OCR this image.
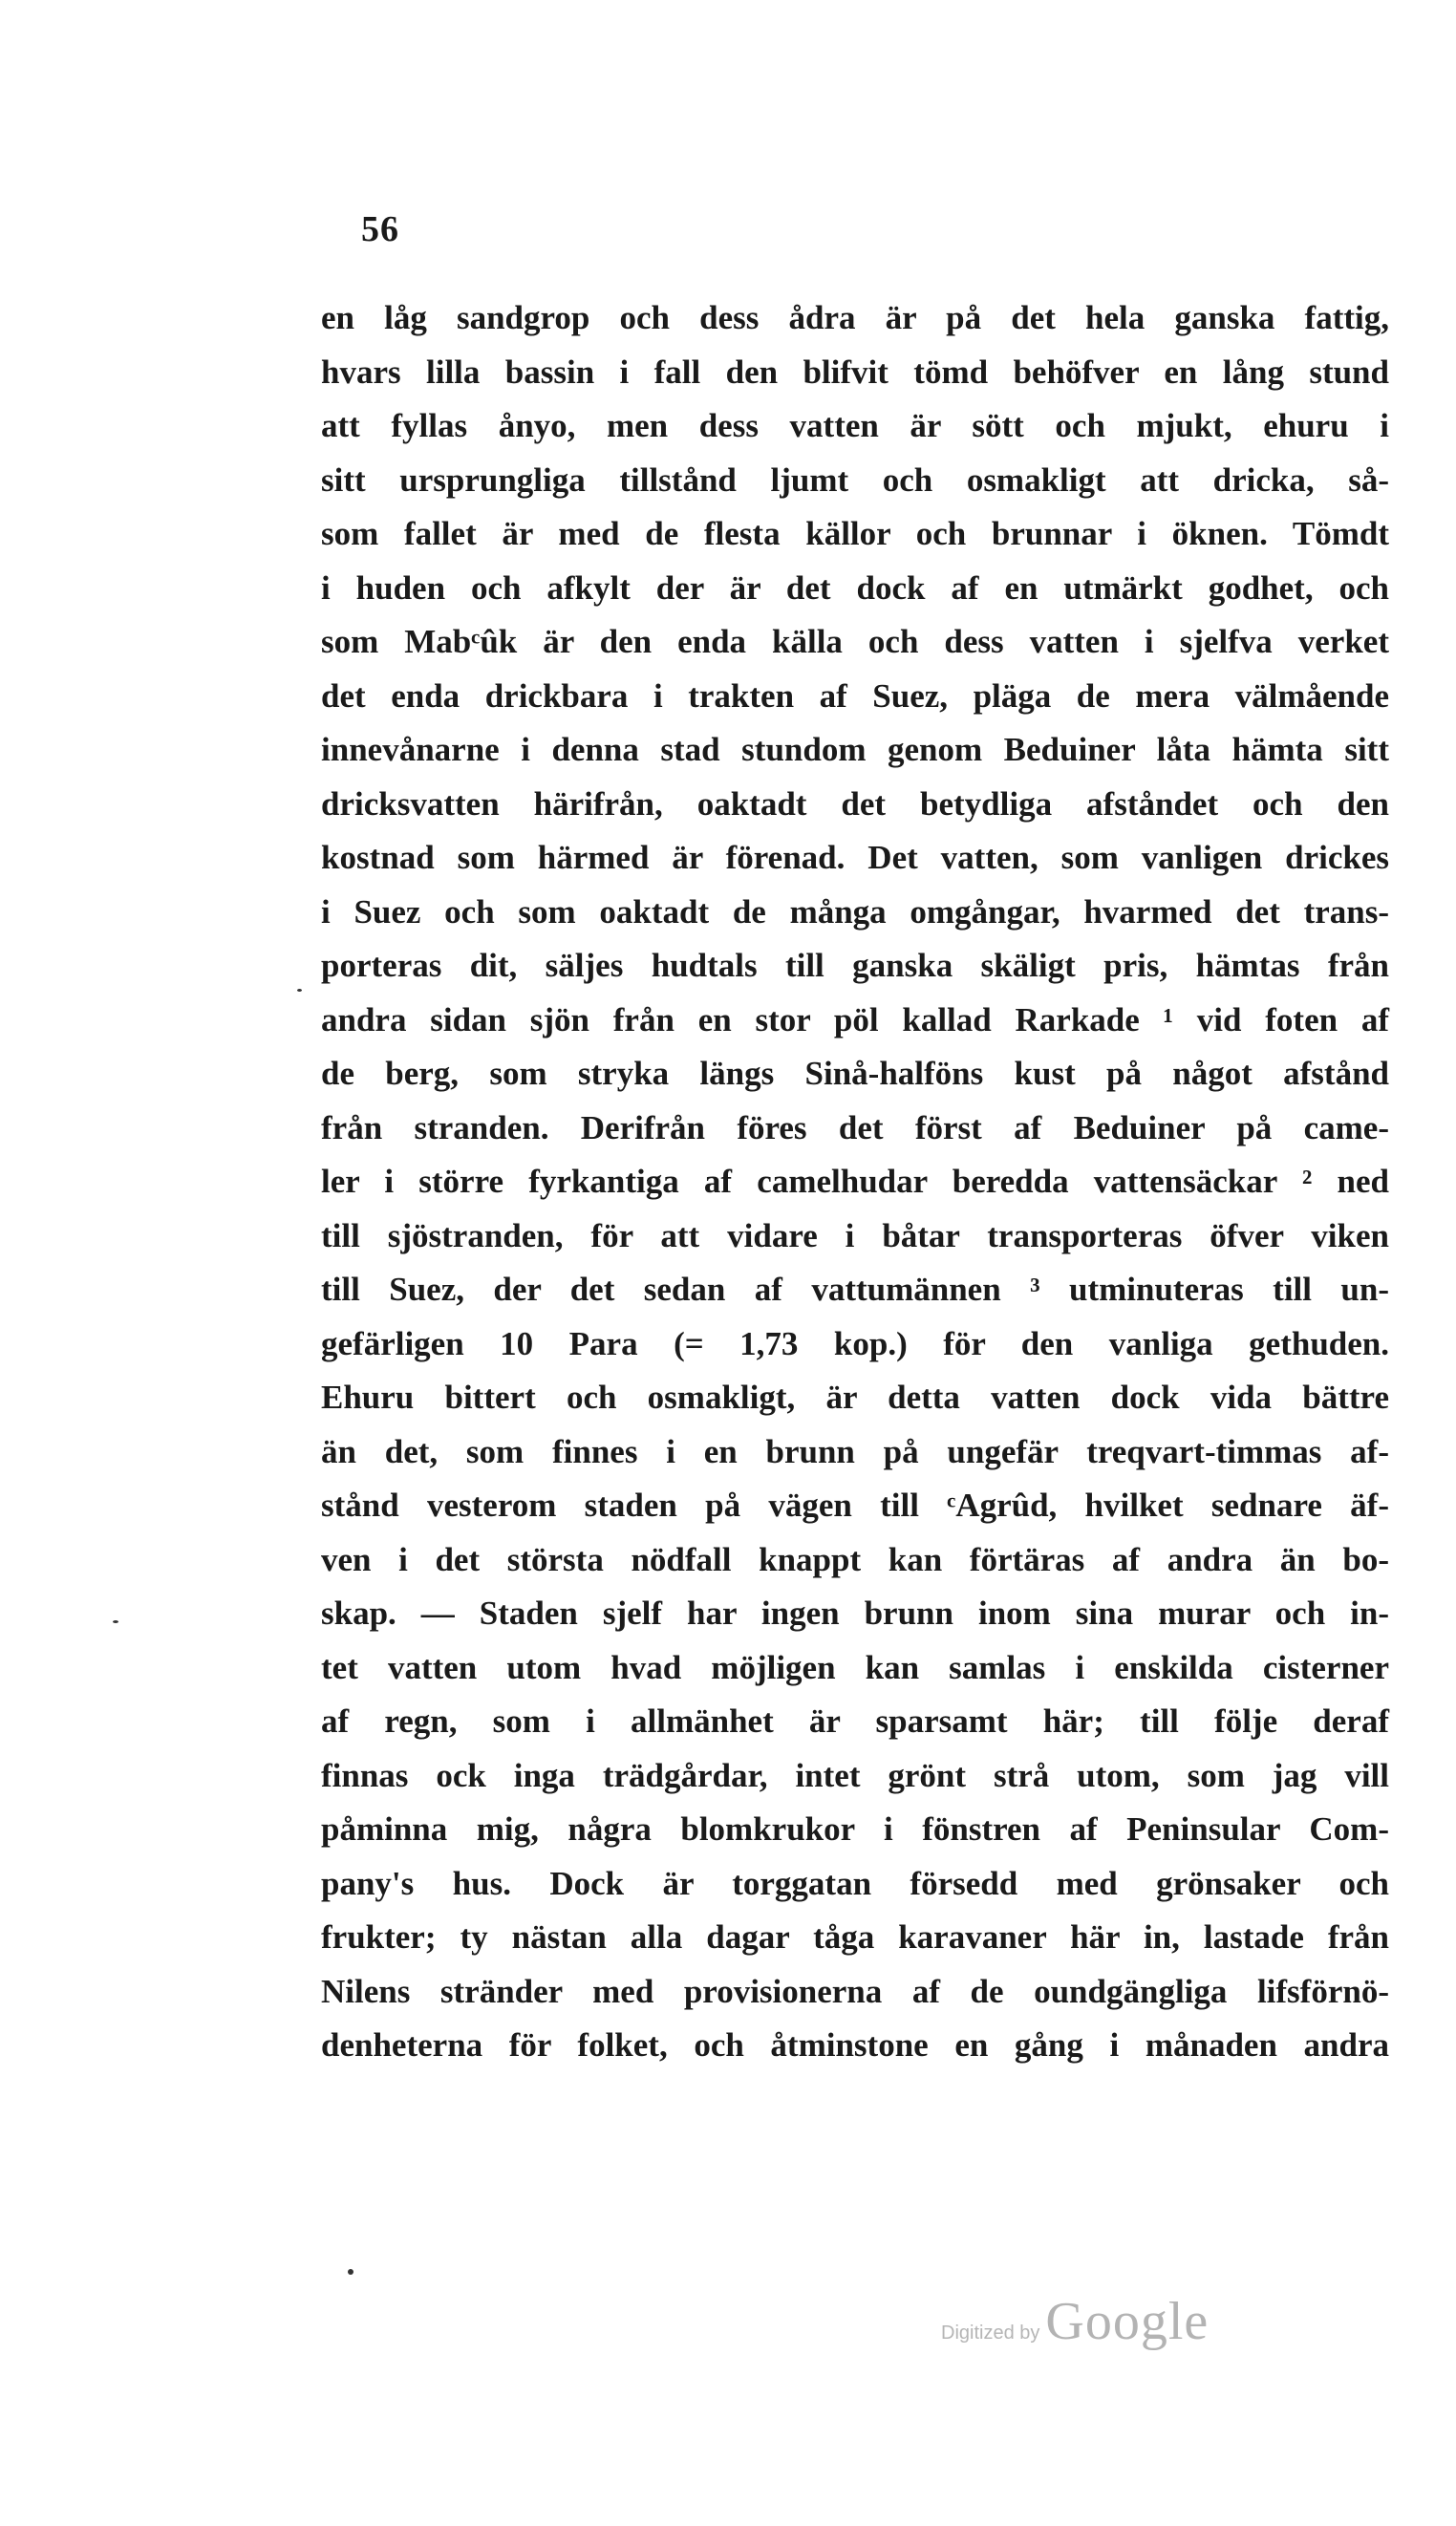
56
en låg sandgrop och dess ådra är på det hela ganska fattig,
hvars lilla bassin i fall den blifvit tömd behöfver en lång stund
att fyllas ånyo, men dess vatten är sött och mjukt, ehuru i
sitt ursprungliga tillstånd ljumt och osmakligt att dricka, så-
som fallet är med de flesta källor och brunnar i öknen. Tömdt
i huden och afkylt der är det dock af en utmärkt godhet, och
som Mabᶜûk är den enda källa och dess vatten i sjelfva verket
det enda drickbara i trakten af Suez, pläga de mera välmående
innevånarne i denna stad stundom genom Beduiner låta hämta sitt
dricksvatten härifrån, oaktadt det betydliga afståndet och den
kostnad som härmed är förenad. Det vatten, som vanligen drickes
i Suez och som oaktadt de många omgångar, hvarmed det trans-
porteras dit, säljes hudtals till ganska skäligt pris, hämtas från
andra sidan sjön från en stor pöl kallad Rarkade ¹ vid foten af
de berg, som stryka längs Sinå-halföns kust på något afstånd
från stranden. Derifrån föres det först af Beduiner på came-
ler i större fyrkantiga af camelhudar beredda vattensäckar ² ned
till sjöstranden, för att vidare i båtar transporteras öfver viken
till Suez, der det sedan af vattumännen ³ utminuteras till un-
gefärligen 10 Para (= 1,73 kop.) för den vanliga gethuden.
Ehuru bittert och osmakligt, är detta vatten dock vida bättre
än det, som finnes i en brunn på ungefär treqvart-timmas af-
stånd vesterom staden på vägen till ᶜAgrûd, hvilket sednare äf-
ven i det största nödfall knappt kan förtäras af andra än bo-
skap. — Staden sjelf har ingen brunn inom sina murar och in-
tet vatten utom hvad möjligen kan samlas i enskilda cisterner
af regn, som i allmänhet är sparsamt här; till följe deraf
finnas ock inga trädgårdar, intet grönt strå utom, som jag vill
påminna mig, några blomkrukor i fönstren af Peninsular Com-
pany's hus. Dock är torggatan försedd med grönsaker och
frukter; ty nästan alla dagar tåga karavaner här in, lastade från
Nilens stränder med provisionerna af de oundgängliga lifsförnö-
denheterna för folket, och åtminstone en gång i månaden andra
Digitized by Google
